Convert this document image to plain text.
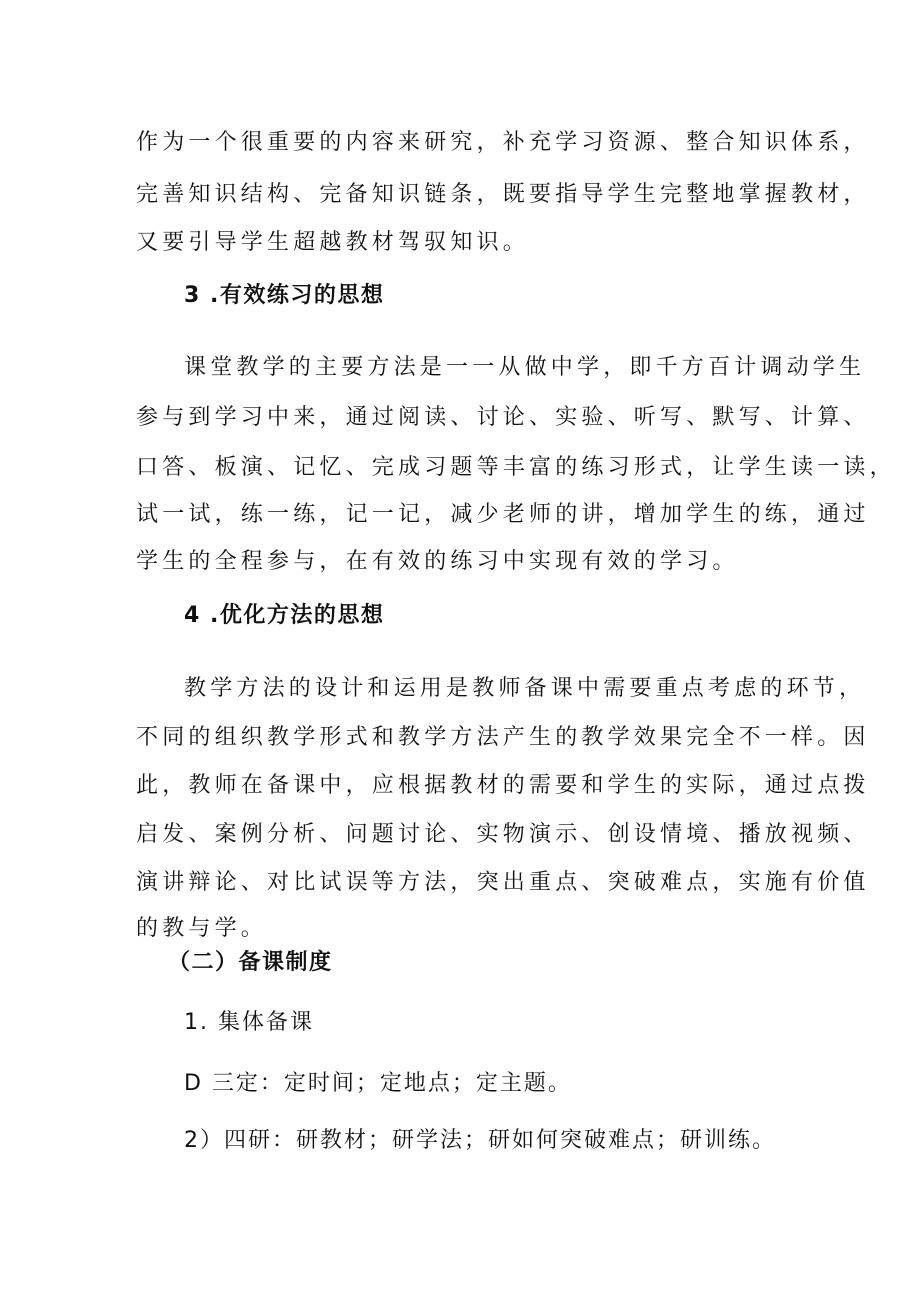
作为一个很重要的内容来研究，补充学习资源、整合知识体系，
完善知识结构、完备知识链条，既要指导学生完整地掌握教材，
又要引导学生超越教材驾驭知识。
3 .有效练习的思想
课堂教学的主要方法是一一从做中学，即千方百计调动学生
参与到学习中来，通过阅读、讨论、实验、听写、默写、计算、
口答、板演、记忆、完成习题等丰富的练习形式，让学生读一读，
试一试，练一练，记一记，减少老师的讲，增加学生的练，通过
学生的全程参与，在有效的练习中实现有效的学习。
4 .优化方法的思想
教学方法的设计和运用是教师备课中需要重点考虑的环节，
不同的组织教学形式和教学方法产生的教学效果完全不一样。因
此，教师在备课中，应根据教材的需要和学生的实际，通过点拨
启发、案例分析、问题讨论、实物演示、创设情境、播放视频、
演讲辩论、对比试误等方法，突出重点、突破难点，实施有价值
的教与学。
（二）备课制度
1. 集体备课
D 三定：定时间；定地点；定主题。
2）四研：研教材；研学法；研如何突破难点；研训练。
